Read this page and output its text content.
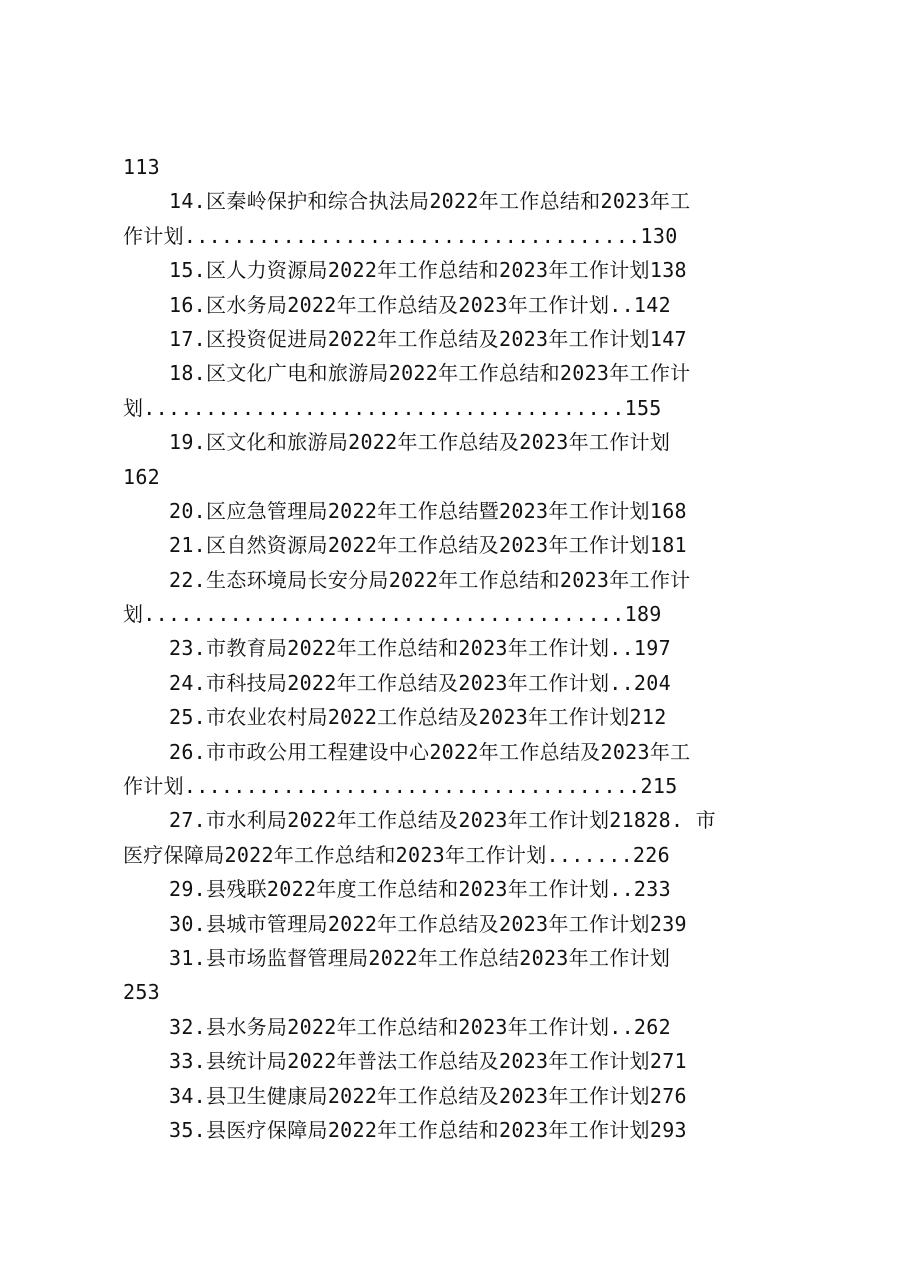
113
14.区秦岭保护和综合执法局2022年工作总结和2023年工
作计划.....................................130
15.区人力资源局2022年工作总结和2023年工作计划138
16.区水务局2022年工作总结及2023年工作计划..142
17.区投资促进局2022年工作总结及2023年工作计划147
18.区文化广电和旅游局2022年工作总结和2023年工作计
划.......................................155
19.区文化和旅游局2022年工作总结及2023年工作计划
162
20.区应急管理局2022年工作总结暨2023年工作计划168
21.区自然资源局2022年工作总结及2023年工作计划181
22.生态环境局长安分局2022年工作总结和2023年工作计
划.......................................189
23.市教育局2022年工作总结和2023年工作计划..197
24.市科技局2022年工作总结及2023年工作计划..204
25.市农业农村局2022工作总结及2023年工作计划212
26.市市政公用工程建设中心2022年工作总结及2023年工
作计划.....................................215
27.市水利局2022年工作总结及2023年工作计划21828. 市
医疗保障局2022年工作总结和2023年工作计划.......226
29.县残联2022年度工作总结和2023年工作计划..233
30.县城市管理局2022年工作总结及2023年工作计划239
31.县市场监督管理局2022年工作总结2023年工作计划
253
32.县水务局2022年工作总结和2023年工作计划..262
33.县统计局2022年普法工作总结及2023年工作计划271
34.县卫生健康局2022年工作总结及2023年工作计划276
35.县医疗保障局2022年工作总结和2023年工作计划293
